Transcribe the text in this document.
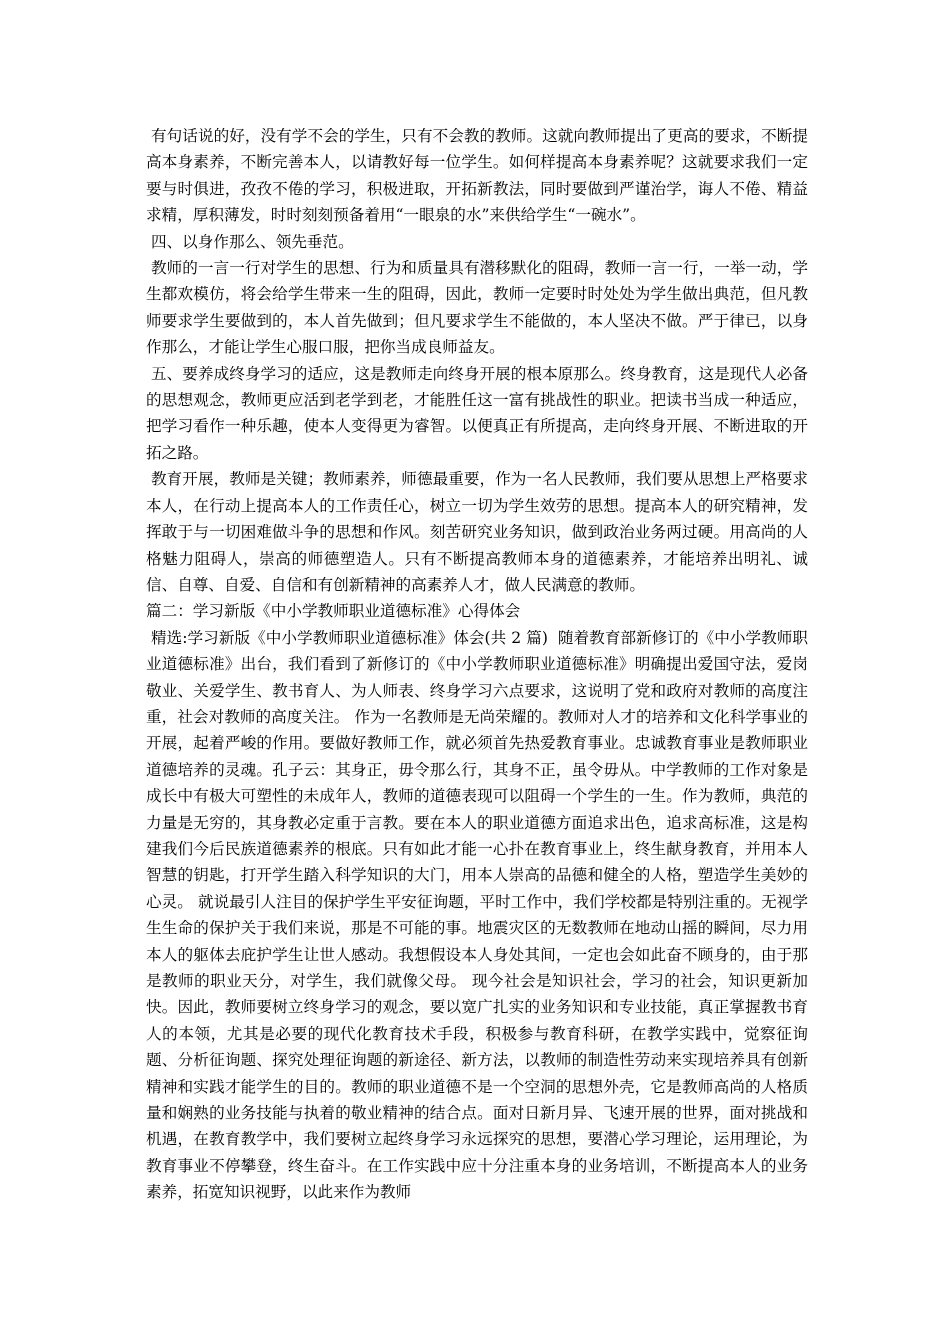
有句话说的好，没有学不会的学生，只有不会教的教师。这就向教师提出了更高的要求，不断提高本身素养，不断完善本人，以请教好每一位学生。如何样提高本身素养呢？这就要求我们一定要与时俱进，孜孜不倦的学习，积极进取，开拓新教法，同时要做到严谨治学，诲人不倦、精益求精，厚积薄发，时时刻刻预备着用“一眼泉的水”来供给学生“一碗水”。

四、以身作那么、领先垂范。

教师的一言一行对学生的思想、行为和质量具有潜移默化的阻碍，教师一言一行，一举一动，学生都欢模仿，将会给学生带来一生的阻碍，因此，教师一定要时时处处为学生做出典范，但凡教师要求学生要做到的，本人首先做到；但凡要求学生不能做的，本人坚决不做。严于律已，以身作那么，才能让学生心服口服，把你当成良师益友。

五、要养成终身学习的适应，这是教师走向终身开展的根本原那么。终身教育，这是现代人必备的思想观念，教师更应活到老学到老，才能胜任这一富有挑战性的职业。把读书当成一种适应，把学习看作一种乐趣，使本人变得更为睿智。以便真正有所提高，走向终身开展、不断进取的开拓之路。

教育开展，教师是关键；教师素养，师德最重要，作为一名人民教师，我们要从思想上严格要求本人，在行动上提高本人的工作责任心，树立一切为学生效劳的思想。提高本人的研究精神，发挥敢于与一切困难做斗争的思想和作风。刻苦研究业务知识，做到政治业务两过硬。用高尚的人格魅力阻碍人，崇高的师德塑造人。只有不断提高教师本身的道德素养，才能培养出明礼、诚信、自尊、自爱、自信和有创新精神的高素养人才，做人民满意的教师。

篇二：学习新版《中小学教师职业道德标准》心得体会

精选:学习新版《中小学教师职业道德标准》体会(共 2 篇)  随着教育部新修订的《中小学教师职业道德标准》出台，我们看到了新修订的《中小学教师职业道德标准》明确提出爱国守法，爱岗敬业、关爱学生、教书育人、为人师表、终身学习六点要求，这说明了党和政府对教师的高度注重，社会对教师的高度关注。 作为一名教师是无尚荣耀的。教师对人才的培养和文化科学事业的开展，起着严峻的作用。要做好教师工作，就必须首先热爱教育事业。忠诚教育事业是教师职业道德培养的灵魂。孔子云：其身正，毋令那么行，其身不正，虽令毋从。中学教师的工作对象是成长中有极大可塑性的未成年人，教师的道德表现可以阻碍一个学生的一生。作为教师，典范的力量是无穷的，其身教必定重于言教。要在本人的职业道德方面追求出色，追求高标准，这是构建我们今后民族道德素养的根底。只有如此才能一心扑在教育事业上，终生献身教育，并用本人智慧的钥匙，打开学生踏入科学知识的大门，用本人崇高的品德和健全的人格，塑造学生美妙的心灵。 就说最引人注目的保护学生平安征询题，平时工作中，我们学校都是特别注重的。无视学生生命的保护关于我们来说，那是不可能的事。地震灾区的无数教师在地动山摇的瞬间，尽力用本人的躯体去庇护学生让世人感动。我想假设本人身处其间，一定也会如此奋不顾身的，由于那是教师的职业天分，对学生，我们就像父母。 现今社会是知识社会，学习的社会，知识更新加快。因此，教师要树立终身学习的观念，要以宽广扎实的业务知识和专业技能，真正掌握教书育人的本领，尤其是必要的现代化教育技术手段，积极参与教育科研，在教学实践中，觉察征询题、分析征询题、探究处理征询题的新途径、新方法，以教师的制造性劳动来实现培养具有创新精神和实践才能学生的目的。教师的职业道德不是一个空洞的思想外壳，它是教师高尚的人格质量和娴熟的业务技能与执着的敬业精神的结合点。面对日新月异、飞速开展的世界，面对挑战和机遇，在教育教学中，我们要树立起终身学习永远探究的思想，要潜心学习理论，运用理论，为教育事业不停攀登，终生奋斗。在工作实践中应十分注重本身的业务培训，不断提高本人的业务素养，拓宽知识视野，以此来作为教师
